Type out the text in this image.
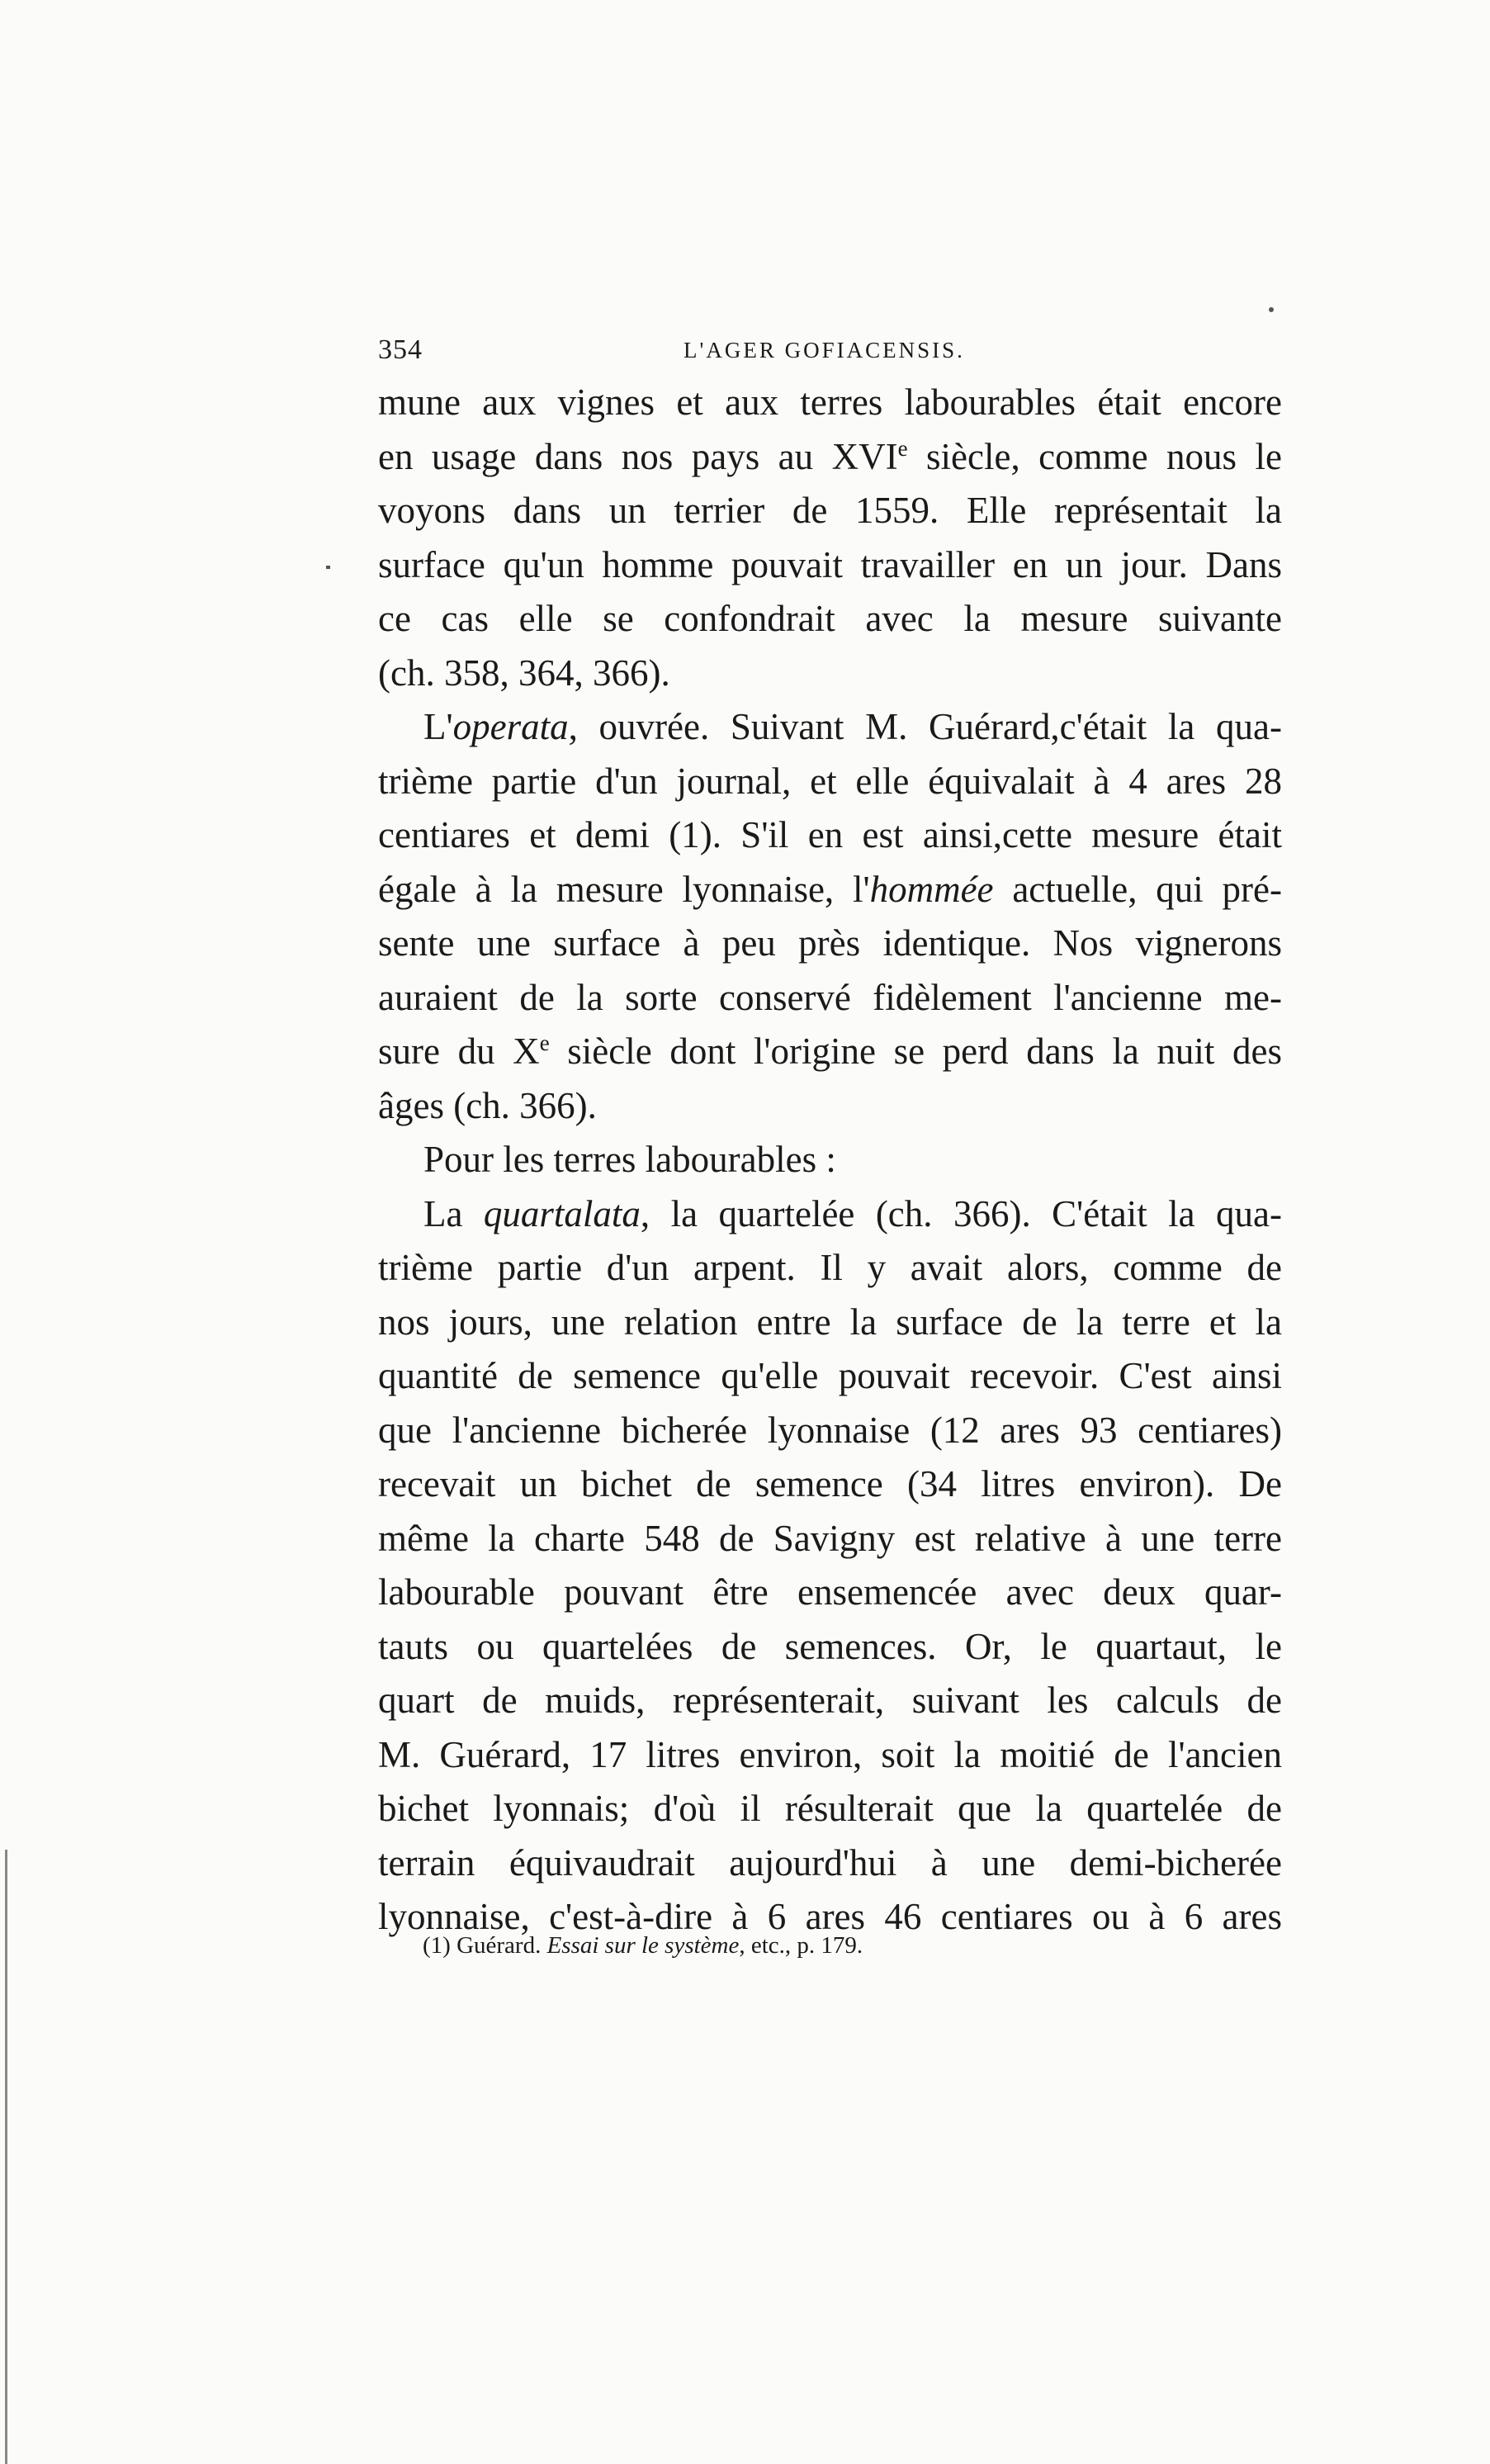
354	L'AGER GOFIACENSIS.
mune aux vignes et aux terres labourables était encore
en usage dans nos pays au XVIe siècle, comme nous le
voyons dans un terrier de 1559. Elle représentait la
surface qu'un homme pouvait travailler en un jour. Dans
ce cas elle se confondrait avec la mesure suivante
(ch. 358, 364, 366).
L'operata, ouvrée. Suivant M. Guérard,c'était la qua-
trième partie d'un journal, et elle équivalait à 4 ares 28
centiares et demi (1). S'il en est ainsi,cette mesure était
égale à la mesure lyonnaise, l'hommée actuelle, qui pré-
sente une surface à peu près identique. Nos vignerons
auraient de la sorte conservé fidèlement l'ancienne me-
sure du Xe siècle dont l'origine se perd dans la nuit des
âges (ch. 366).
Pour les terres labourables :
La quartalata, la quartelée (ch. 366). C'était la qua-
trième partie d'un arpent. Il y avait alors, comme de
nos jours, une relation entre la surface de la terre et la
quantité de semence qu'elle pouvait recevoir. C'est ainsi
que l'ancienne bicherée lyonnaise (12 ares 93 centiares)
recevait un bichet de semence (34 litres environ). De
même la charte 548 de Savigny est relative à une terre
labourable pouvant être ensemencée avec deux quar-
tauts ou quartelées de semences. Or, le quartaut, le
quart de muids, représenterait, suivant les calculs de
M. Guérard, 17 litres environ, soit la moitié de l'ancien
bichet lyonnais; d'où il résulterait que la quartelée de
terrain équivaudrait aujourd'hui à une demi-bicherée
lyonnaise, c'est-à-dire à 6 ares 46 centiares ou à 6 ares
(1) Guérard. Essai sur le système, etc., p. 179.
